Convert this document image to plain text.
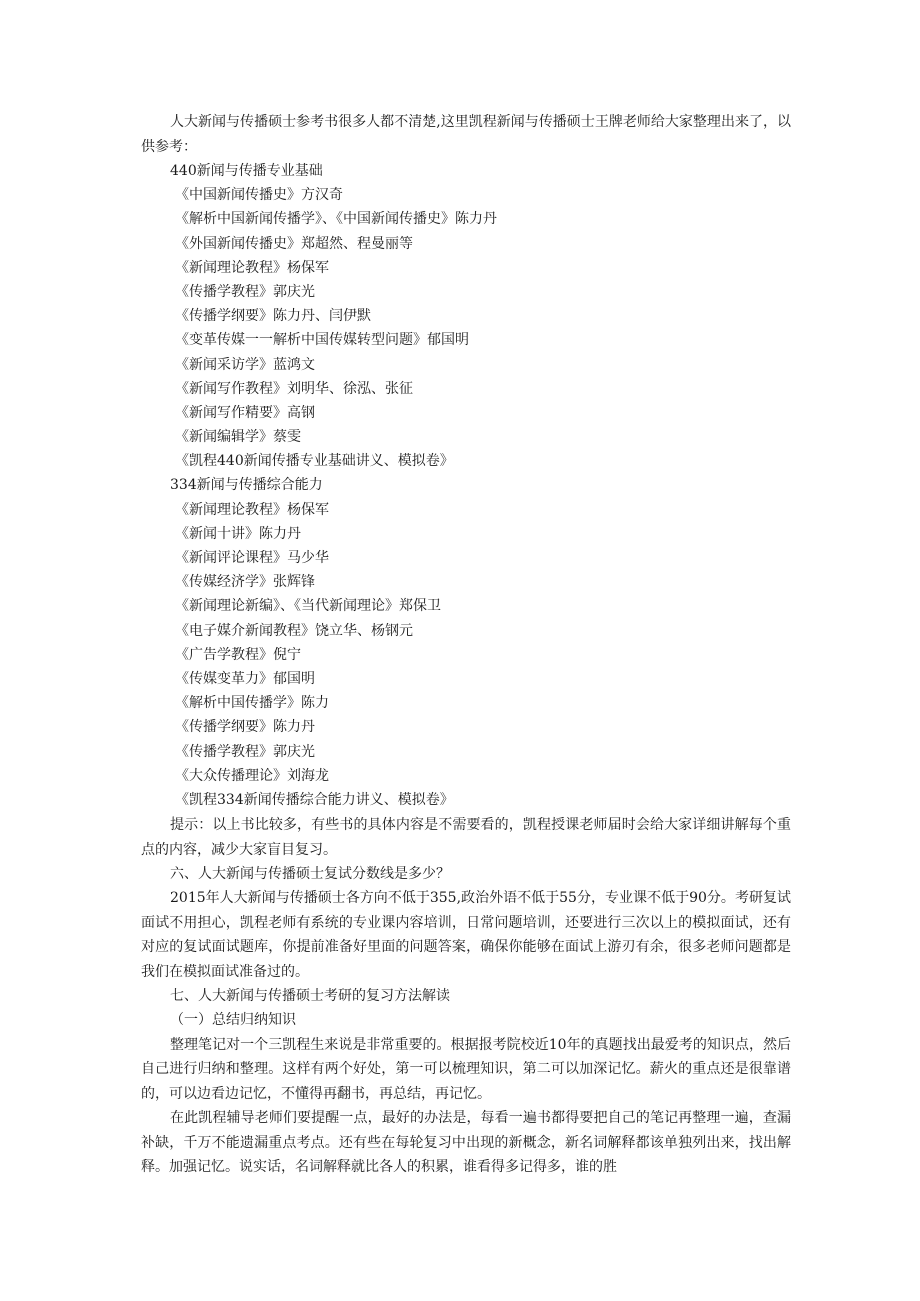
人大新闻与传播硕士参考书很多人都不清楚,这里凯程新闻与传播硕士王牌老师给大家整理出来了，以供参考：

440新闻与传播专业基础

《中国新闻传播史》方汉奇

《解析中国新闻传播学》、《中国新闻传播史》陈力丹

《外国新闻传播史》郑超然、程曼丽等

《新闻理论教程》杨保军

《传播学教程》郭庆光

《传播学纲要》陈力丹、闫伊默

《变革传媒一一解析中国传媒转型问题》郁国明

《新闻采访学》蓝鸿文

《新闻写作教程》刘明华、徐泓、张征

《新闻写作精要》高钢

《新闻编辑学》蔡雯

《凯程440新闻传播专业基础讲义、模拟卷》

334新闻与传播综合能力

《新闻理论教程》杨保军

《新闻十讲》陈力丹

《新闻评论课程》马少华

《传媒经济学》张辉锋

《新闻理论新编》、《当代新闻理论》郑保卫

《电子媒介新闻教程》饶立华、杨钢元

《广告学教程》倪宁

《传媒变革力》郁国明

《解析中国传播学》陈力

《传播学纲要》陈力丹

《传播学教程》郭庆光

《大众传播理论》刘海龙

《凯程334新闻传播综合能力讲义、模拟卷》

提示：以上书比较多，有些书的具体内容是不需要看的，凯程授课老师届时会给大家详细讲解每个重点的内容，减少大家盲目复习。

六、人大新闻与传播硕士复试分数线是多少？

2015年人大新闻与传播硕士各方向不低于355,政治外语不低于55分，专业课不低于90分。考研复试面试不用担心，凯程老师有系统的专业课内容培训，日常问题培训，还要进行三次以上的模拟面试，还有对应的复试面试题库，你提前准备好里面的问题答案，确保你能够在面试上游刃有余，很多老师问题都是我们在模拟面试准备过的。

七、人大新闻与传播硕士考研的复习方法解读

（一）总结归纳知识

整理笔记对一个三凯程生来说是非常重要的。根据报考院校近10年的真题找出最爱考的知识点，然后自己进行归纳和整理。这样有两个好处，第一可以梳理知识，第二可以加深记忆。薪火的重点还是很靠谱的，可以边看边记忆，不懂得再翻书，再总结，再记忆。

在此凯程辅导老师们要提醒一点，最好的办法是，每看一遍书都得要把自己的笔记再整理一遍，查漏补缺，千万不能遗漏重点考点。还有些在每轮复习中出现的新概念，新名词解释都该单独列出来，找出解释。加强记忆。说实话，名词解释就比各人的积累，谁看得多记得多，谁的胜
